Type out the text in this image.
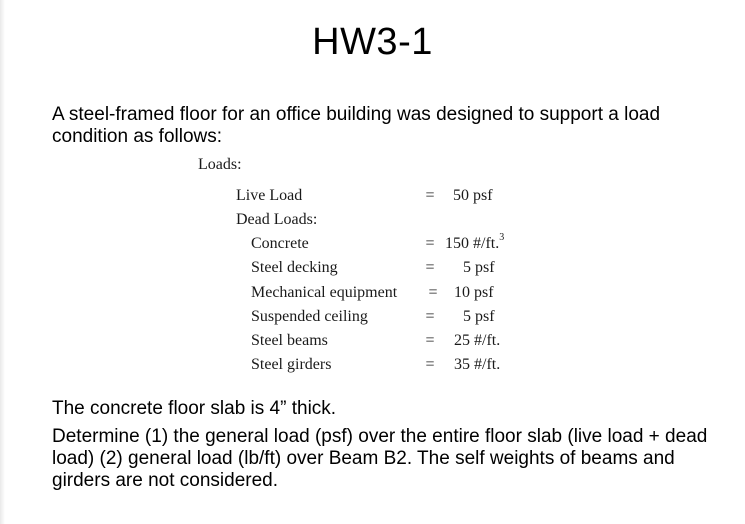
HW3-1
A steel-framed floor for an office building was designed to support a load condition as follows:
Loads:
Live Load	= 50 psf
Dead Loads:
Concrete	= 150 #/ft.$^3$
Steel decking	= 5 psf
Mechanical equipment = 10 psf
Suspended ceiling	= 5 psf
Steel beams	= 25 #/ft.
Steel girders	= 35 #/ft.
The concrete floor slab is 4” thick.
Determine (1) the general load (psf) over the entire floor slab (live load + dead load) (2) general load (lb/ft) over Beam B2. The self weights of beams and girders are not considered.
